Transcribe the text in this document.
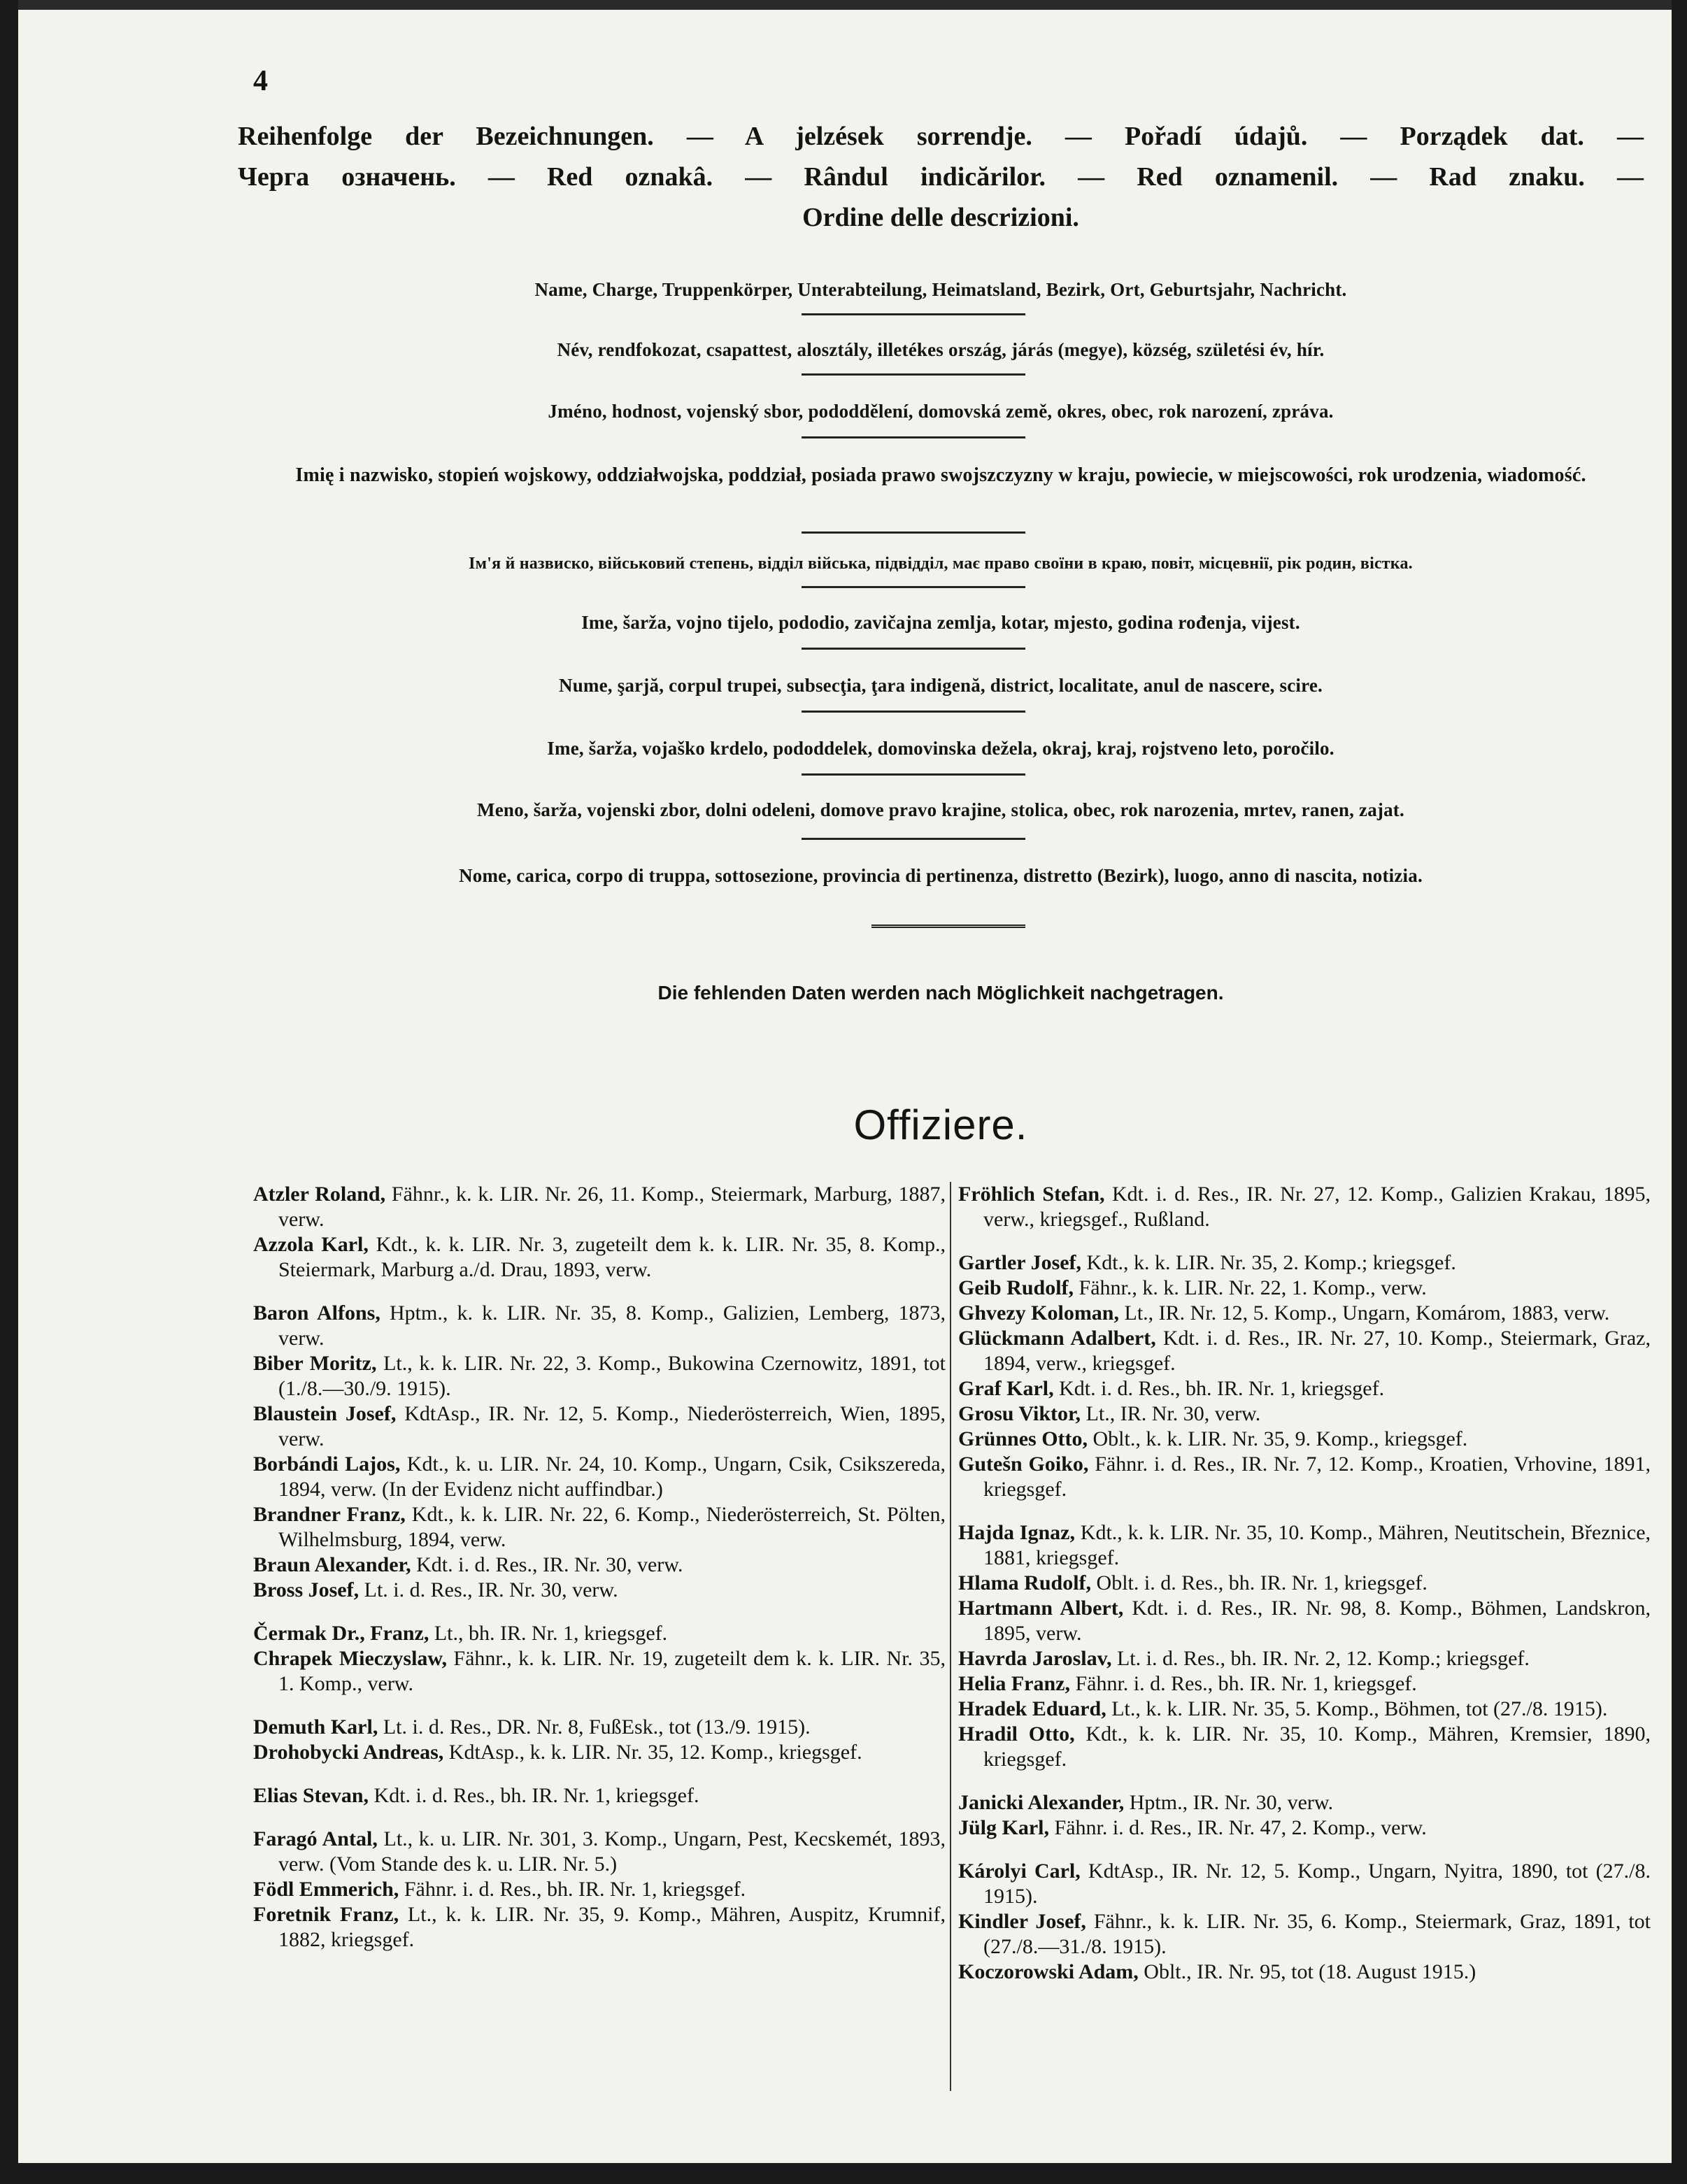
4
Reihenfolge der Bezeichnungen. — A jelzések sorrendje. — Pořadí údajů. — Porządek dat. —
Черга означень. — Red oznakâ. — Rândul indicărilor. — Red oznamenil. — Rad znaku. —
Ordine delle descrizioni.
Name, Charge, Truppenkörper, Unterabteilung, Heimatsland, Bezirk, Ort, Geburtsjahr, Nachricht.
Név, rendfokozat, csapattest, alosztály, illetékes ország, járás (megye), község, születési év, hír.
Jméno, hodnost, vojenský sbor, pododdělení, domovská země, okres, obec, rok narození, zpráva.
Imię i nazwisko, stopień wojskowy, oddziałwojska, poddział, posiada prawo swojszczyzny w kraju, powiecie, w miejscowości, rok urodzenia, wiadomość.
Ім'я й назвиско, військовий степень, відділ війська, підвідділ, має право своїни в краю, повіт, місцевнії, рік родин, вістка.
Ime, šarža, vojno tijelo, pododio, zavičajna zemlja, kotar, mjesto, godina rođenja, vijest.
Nume, şarjă, corpul trupei, subsecţia, ţara indigenă, district, localitate, anul de nascere, scire.
Ime, šarža, vojaško krdelo, pododdelek, domovinska dežela, okraj, kraj, rojstveno leto, poročilo.
Meno, šarža, vojenski zbor, dolni odeleni, domove pravo krajine, stolica, obec, rok narozenia, mrtev, ranen, zajat.
Nome, carica, corpo di truppa, sottosezione, provincia di pertinenza, distretto (Bezirk), luogo, anno di nascita, notizia.
Die fehlenden Daten werden nach Möglichkeit nachgetragen.
Offiziere.
Atzler Roland, Fähnr., k. k. LIR. Nr. 26, 11. Komp., Steiermark, Marburg, 1887, verw.
Azzola Karl, Kdt., k. k. LIR. Nr. 3, zugeteilt dem k. k. LIR. Nr. 35, 8. Komp., Steiermark, Marburg a./d. Drau, 1893, verw.
Baron Alfons, Hptm., k. k. LIR. Nr. 35, 8. Komp., Galizien, Lemberg, 1873, verw.
Biber Moritz, Lt., k. k. LIR. Nr. 22, 3. Komp., Bukowina Czernowitz, 1891, tot (1./8.—30./9. 1915).
Blaustein Josef, KdtAsp., IR. Nr. 12, 5. Komp., Niederösterreich, Wien, 1895, verw.
Borbándi Lajos, Kdt., k. u. LIR. Nr. 24, 10. Komp., Ungarn, Csik, Csikszereda, 1894, verw. (In der Evidenz nicht auffindbar.)
Brandner Franz, Kdt., k. k. LIR. Nr. 22, 6. Komp., Niederösterreich, St. Pölten, Wilhelmsburg, 1894, verw.
Braun Alexander, Kdt. i. d. Res., IR. Nr. 30, verw.
Bross Josef, Lt. i. d. Res., IR. Nr. 30, verw.
Čermak Dr., Franz, Lt., bh. IR. Nr. 1, kriegsgef.
Chrapek Mieczyslaw, Fähnr., k. k. LIR. Nr. 19, zugeteilt dem k. k. LIR. Nr. 35, 1. Komp., verw.
Demuth Karl, Lt. i. d. Res., DR. Nr. 8, FußEsk., tot (13./9. 1915).
Drohobycki Andreas, KdtAsp., k. k. LIR. Nr. 35, 12. Komp., kriegsgef.
Elias Stevan, Kdt. i. d. Res., bh. IR. Nr. 1, kriegsgef.
Faragó Antal, Lt., k. u. LIR. Nr. 301, 3. Komp., Ungarn, Pest, Kecskemét, 1893, verw. (Vom Stande des k. u. LIR. Nr. 5.)
Födl Emmerich, Fähnr. i. d. Res., bh. IR. Nr. 1, kriegsgef.
Foretnik Franz, Lt., k. k. LIR. Nr. 35, 9. Komp., Mähren, Auspitz, Krumnif, 1882, kriegsgef.
Fröhlich Stefan, Kdt. i. d. Res., IR. Nr. 27, 12. Komp., Galizien Krakau, 1895, verw., kriegsgef., Rußland.
Gartler Josef, Kdt., k. k. LIR. Nr. 35, 2. Komp.; kriegsgef.
Geib Rudolf, Fähnr., k. k. LIR. Nr. 22, 1. Komp., verw.
Ghvezy Koloman, Lt., IR. Nr. 12, 5. Komp., Ungarn, Komárom, 1883, verw.
Glückmann Adalbert, Kdt. i. d. Res., IR. Nr. 27, 10. Komp., Steiermark, Graz, 1894, verw., kriegsgef.
Graf Karl, Kdt. i. d. Res., bh. IR. Nr. 1, kriegsgef.
Grosu Viktor, Lt., IR. Nr. 30, verw.
Grünnes Otto, Oblt., k. k. LIR. Nr. 35, 9. Komp., kriegsgef.
Gutešn Goiko, Fähnr. i. d. Res., IR. Nr. 7, 12. Komp., Kroatien, Vrhovine, 1891, kriegsgef.
Hajda Ignaz, Kdt., k. k. LIR. Nr. 35, 10. Komp., Mähren, Neutitschein, Březnice, 1881, kriegsgef.
Hlama Rudolf, Oblt. i. d. Res., bh. IR. Nr. 1, kriegsgef.
Hartmann Albert, Kdt. i. d. Res., IR. Nr. 98, 8. Komp., Böhmen, Landskron, 1895, verw.
Havrda Jaroslav, Lt. i. d. Res., bh. IR. Nr. 2, 12. Komp.; kriegsgef.
Helia Franz, Fähnr. i. d. Res., bh. IR. Nr. 1, kriegsgef.
Hradek Eduard, Lt., k. k. LIR. Nr. 35, 5. Komp., Böhmen, tot (27./8. 1915).
Hradil Otto, Kdt., k. k. LIR. Nr. 35, 10. Komp., Mähren, Kremsier, 1890, kriegsgef.
Janicki Alexander, Hptm., IR. Nr. 30, verw.
Jülg Karl, Fähnr. i. d. Res., IR. Nr. 47, 2. Komp., verw.
Károlyi Carl, KdtAsp., IR. Nr. 12, 5. Komp., Ungarn, Nyitra, 1890, tot (27./8. 1915).
Kindler Josef, Fähnr., k. k. LIR. Nr. 35, 6. Komp., Steiermark, Graz, 1891, tot (27./8.—31./8. 1915).
Koczorowski Adam, Oblt., IR. Nr. 95, tot (18. August 1915.)
